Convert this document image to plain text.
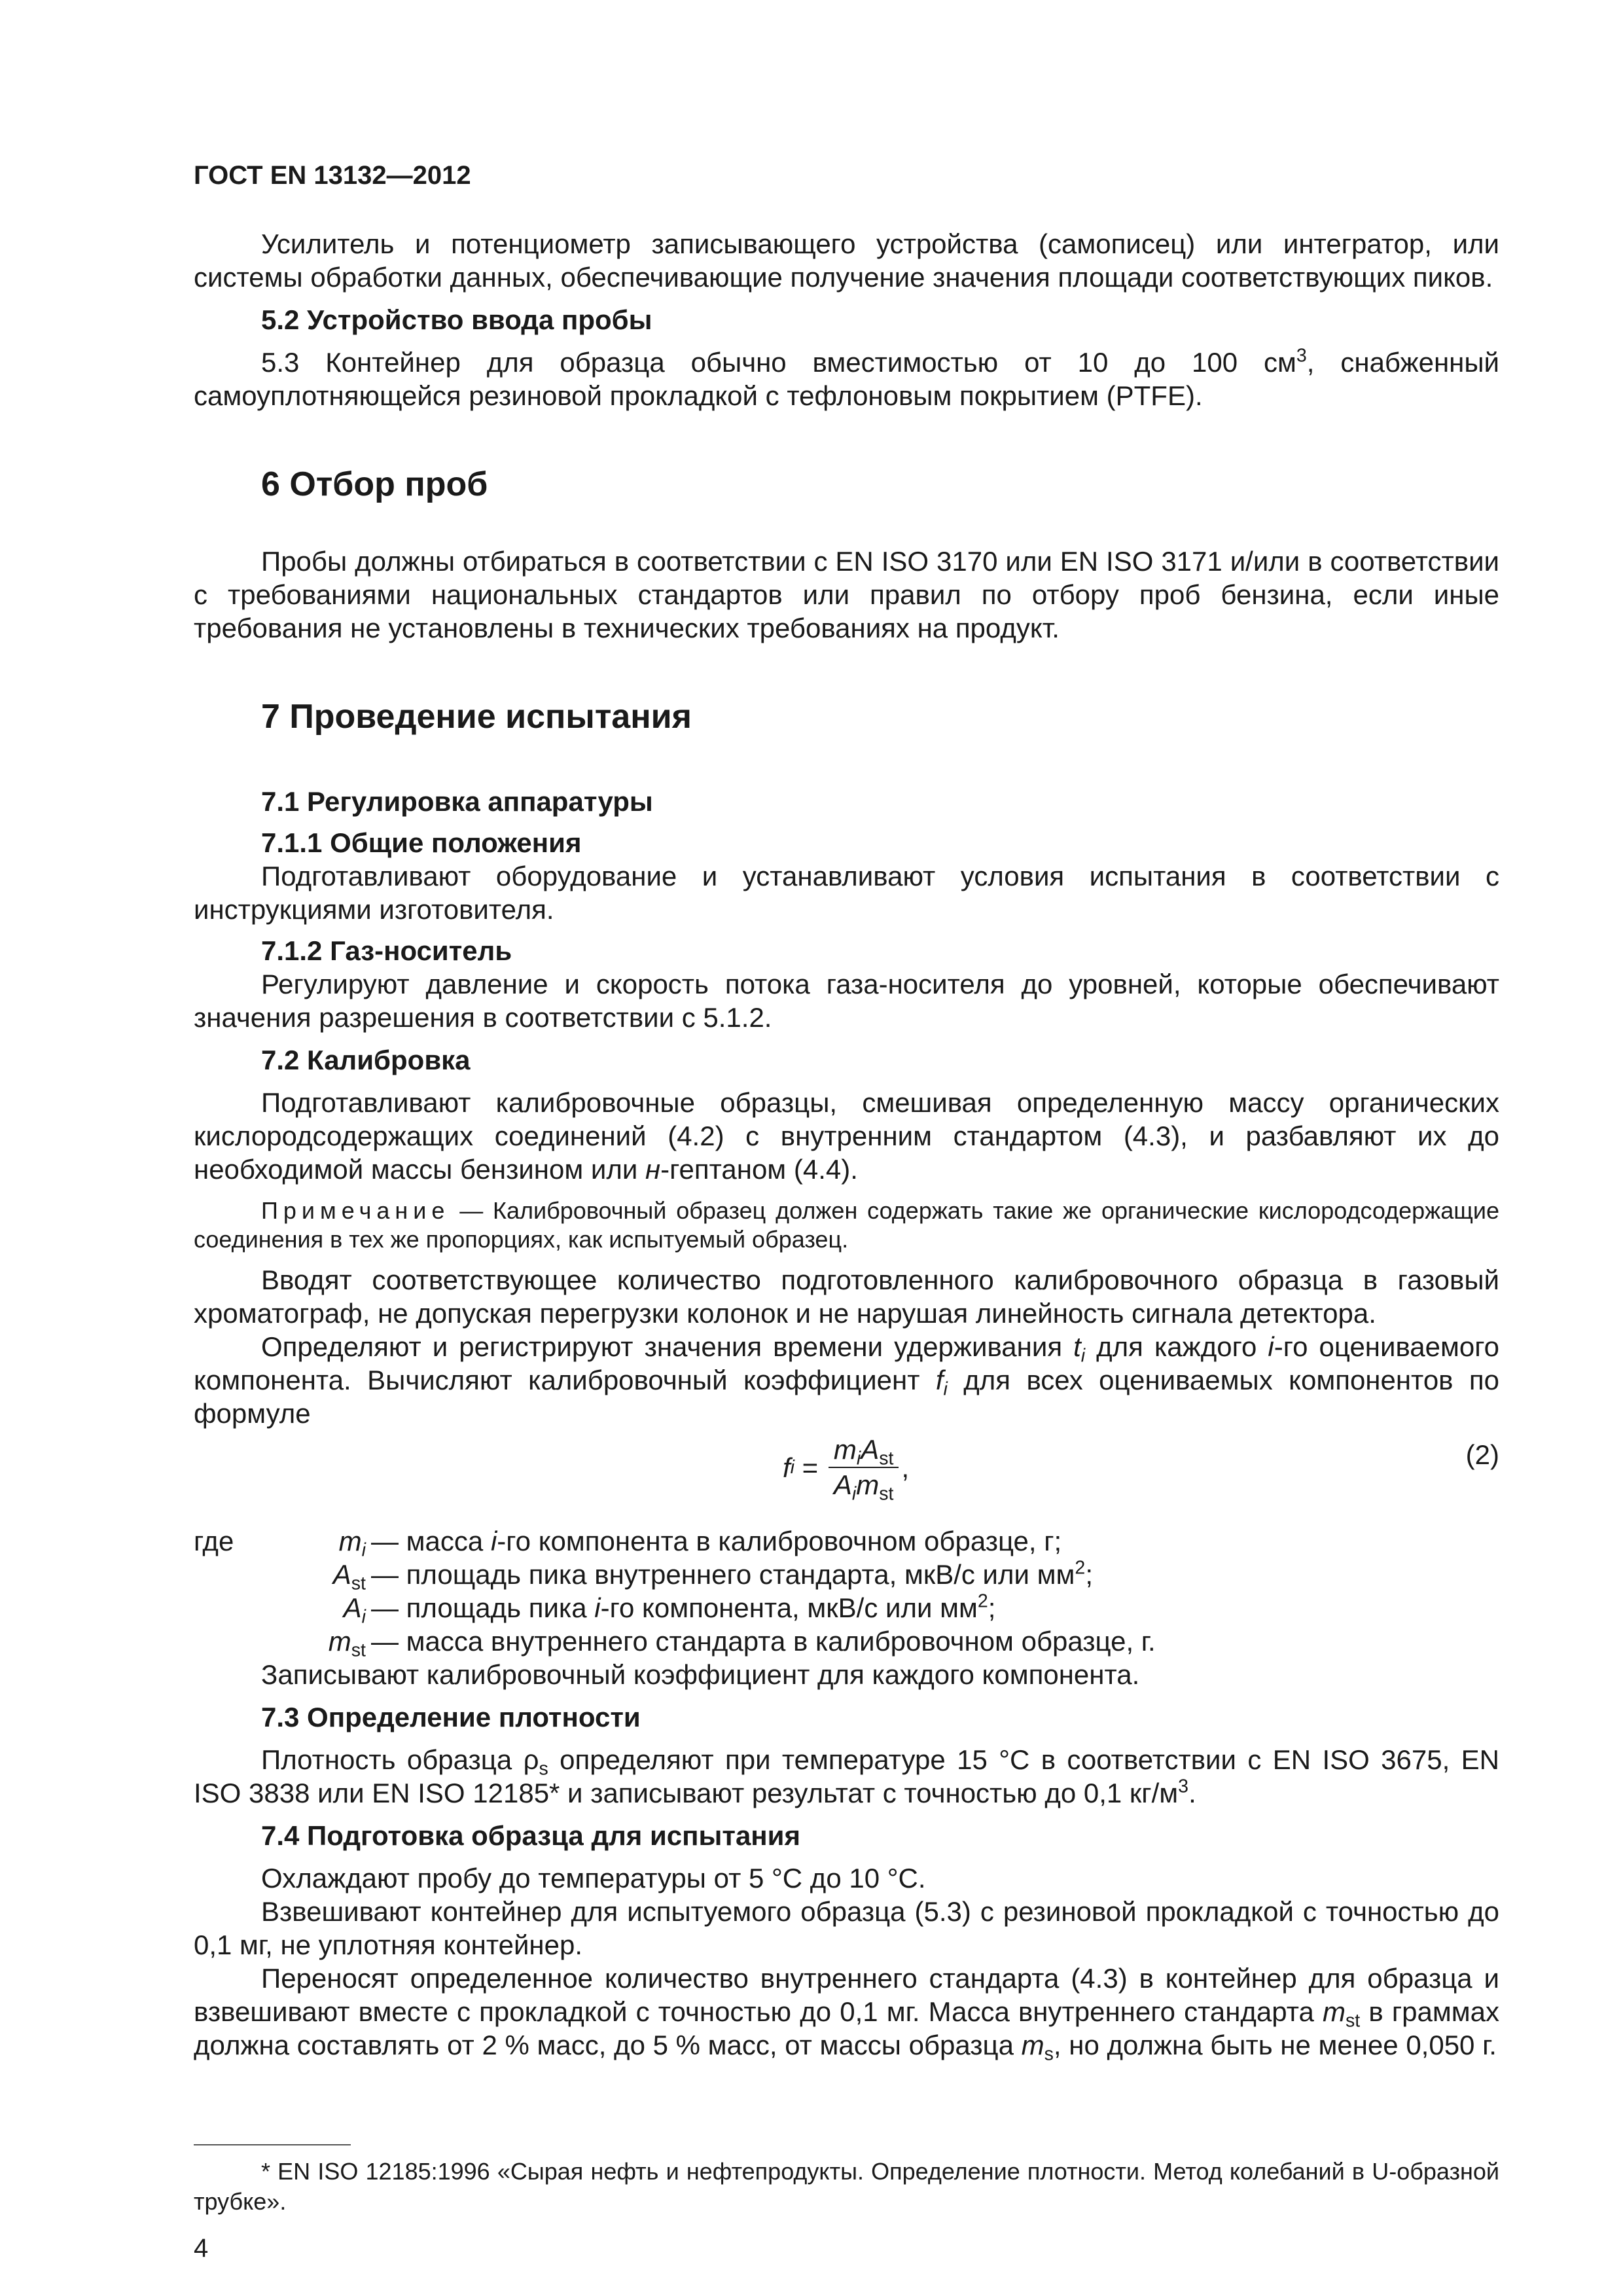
ГОСТ EN 13132—2012

Усилитель и потенциометр записывающего устройства (самописец) или интегратор, или системы обработки данных, обеспечивающие получение значения площади соответствующих пиков.

5.2 Устройство ввода пробы

5.3 Контейнер для образца обычно вместимостью от 10 до 100 $см^3$, снабженный самоуплотняющейся резиновой прокладкой с тефлоновым покрытием (PTFE).

6 Отбор проб

Пробы должны отбираться в соответствии с EN ISO 3170 или EN ISO 3171 и/или в соответствии с требованиями национальных стандартов или правил по отбору проб бензина, если иные требования не установлены в технических требованиях на продукт.

7 Проведение испытания

7.1 Регулировка аппаратуры

7.1.1 Общие положения

Подготавливают оборудование и устанавливают условия испытания в соответствии с инструкциями изготовителя.

7.1.2 Газ-носитель

Регулируют давление и скорость потока газа-носителя до уровней, которые обеспечивают значения разрешения в соответствии с 5.1.2.

7.2 Калибровка

Подготавливают калибровочные образцы, смешивая определенную массу органических кислородсодержащих соединений (4.2) с внутренним стандартом (4.3), и разбавляют их до необходимой массы бензином или н-гептаном (4.4).

Примечание — Калибровочный образец должен содержать такие же органические кислородсодержащие соединения в тех же пропорциях, как испытуемый образец.

Вводят соответствующее количество подготовленного калибровочного образца в газовый хроматограф, не допуская перегрузки колонок и не нарушая линейность сигнала детектора.

Определяют и регистрируют значения времени удерживания $t_i$ для каждого i-го оцениваемого компонента. Вычисляют калибровочный коэффициент $f_i$ для всех оцениваемых компонентов по формуле

f $i = \frac{m_iA_{st}}{A_im_{st}}$ ,	(2)
где	$m_i$ — масса i-го компонента в калибровочном образце, г;
$A_{st}$ — площадь пика внутреннего стандарта, мкВ/с или $мм^2$;
$A_i$ — площадь пика i-го компонента, мкВ/с или $мм^2$;
$m_{st}$ — масса внутреннего стандарта в калибровочном образце, г.

Записывают калибровочный коэффициент для каждого компонента.

7.3 Определение плотности

Плотность образца $\rho_s$ определяют при температуре 15 °С в соответствии с EN ISO 3675, EN ISO 3838 или EN ISO 12185* и записывают результат с точностью до 0,1 $кг/м^3$.

7.4 Подготовка образца для испытания

Охлаждают пробу до температуры от 5 °С до 10 °С.

Взвешивают контейнер для испытуемого образца (5.3) с резиновой прокладкой с точностью до 0,1 мг, не уплотняя контейнер.

Переносят определенное количество внутреннего стандарта (4.3) в контейнер для образца и взвешивают вместе с прокладкой с точностью до 0,1 мг. Масса внутреннего стандарта $m_{st}$ в граммах должна составлять от 2 % масс, до 5 % масс, от массы образца $m_s$, но должна быть не менее 0,050 г.

* EN ISO 12185:1996 «Сырая нефть и нефтепродукты. Определение плотности. Метод колебаний в U-образной трубке».

4
